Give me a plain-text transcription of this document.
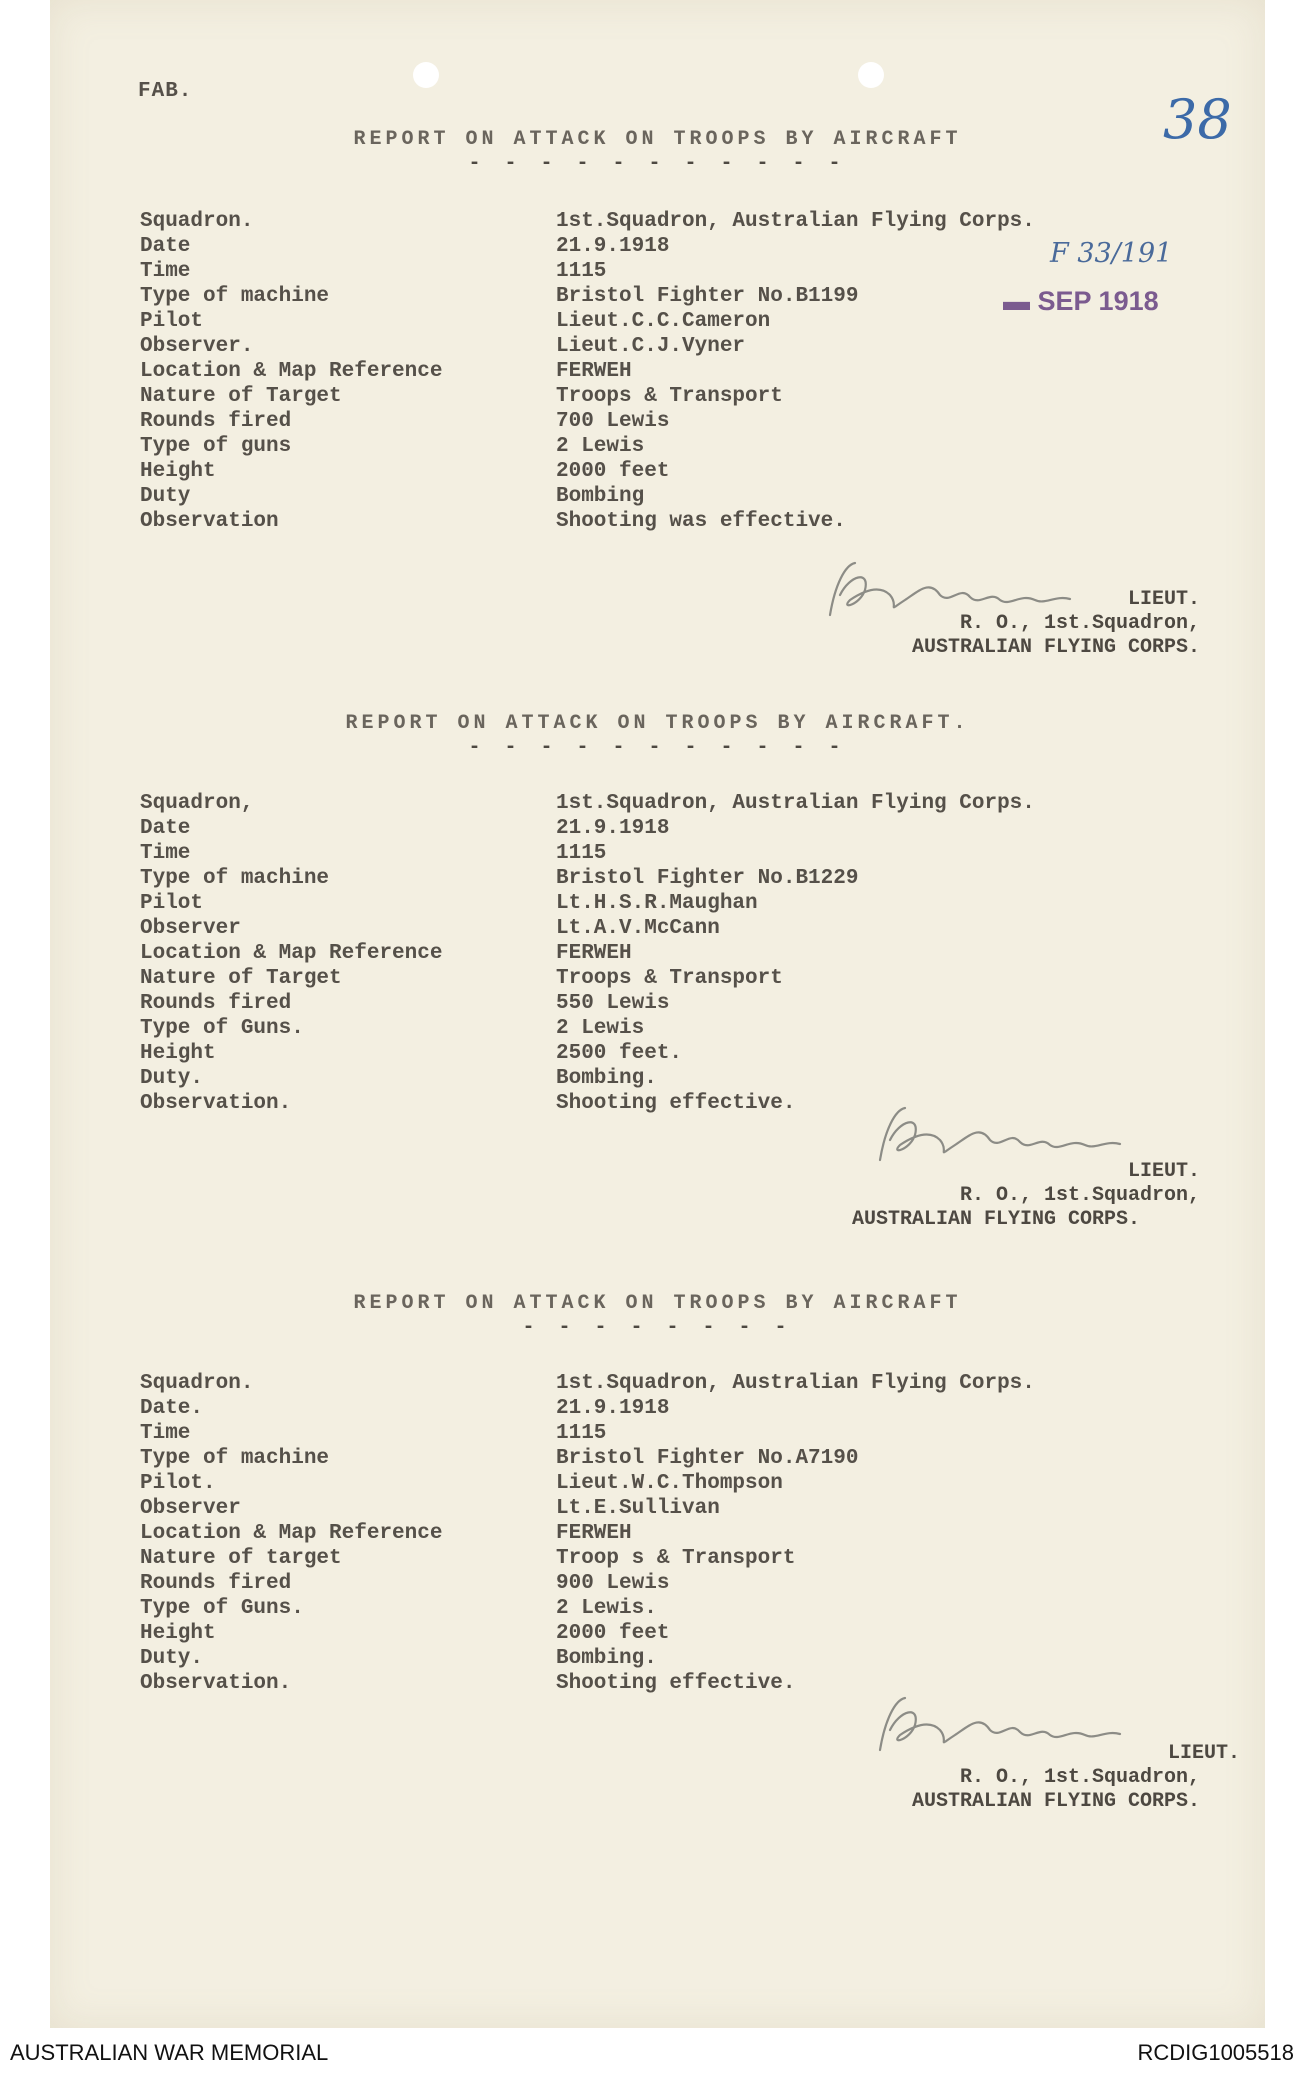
FAB.	38
F 33/191
▬ SEP 1918
REPORT ON ATTACK ON TROOPS BY AIRCRAFT
- - - - - - - - - - -
Squadron.	1st.Squadron, Australian Flying Corps.
Date	21.9.1918
Time	1115
Type of machine	Bristol Fighter No.B1199
Pilot	Lieut.C.C.Cameron
Observer.	Lieut.C.J.Vyner
Location & Map Reference	FERWEH
Nature of Target	Troops & Transport
Rounds fired	700 Lewis
Type of guns	2 Lewis
Height	2000 feet
Duty	Bombing
Observation	Shooting was effective.
LIEUT.
R. O., 1st.Squadron,
AUSTRALIAN FLYING CORPS.
REPORT ON ATTACK ON TROOPS BY AIRCRAFT.
- - - - - - - - - - -
Squadron,	1st.Squadron, Australian Flying Corps.
Date	21.9.1918
Time	1115
Type of machine	Bristol Fighter No.B1229
Pilot	Lt.H.S.R.Maughan
Observer	Lt.A.V.McCann
Location & Map Reference	FERWEH
Nature of Target	Troops & Transport
Rounds fired	550 Lewis
Type of Guns.	2 Lewis
Height	2500 feet.
Duty.	Bombing.
Observation.	Shooting effective.
LIEUT.
R. O., 1st.Squadron,
AUSTRALIAN FLYING CORPS.
REPORT ON ATTACK ON TROOPS BY AIRCRAFT
- - - - - - - -
Squadron.	1st.Squadron, Australian Flying Corps.
Date.	21.9.1918
Time	1115
Type of machine	Bristol Fighter No.A7190
Pilot.	Lieut.W.C.Thompson
Observer	Lt.E.Sullivan
Location & Map Reference	FERWEH
Nature of target	Troop s & Transport
Rounds fired	900 Lewis
Type of Guns.	2 Lewis.
Height	2000 feet
Duty.	Bombing.
Observation.	Shooting effective.
LIEUT.
R. O., 1st.Squadron,
AUSTRALIAN FLYING CORPS.
AUSTRALIAN WAR MEMORIAL	RCDIG1005518
